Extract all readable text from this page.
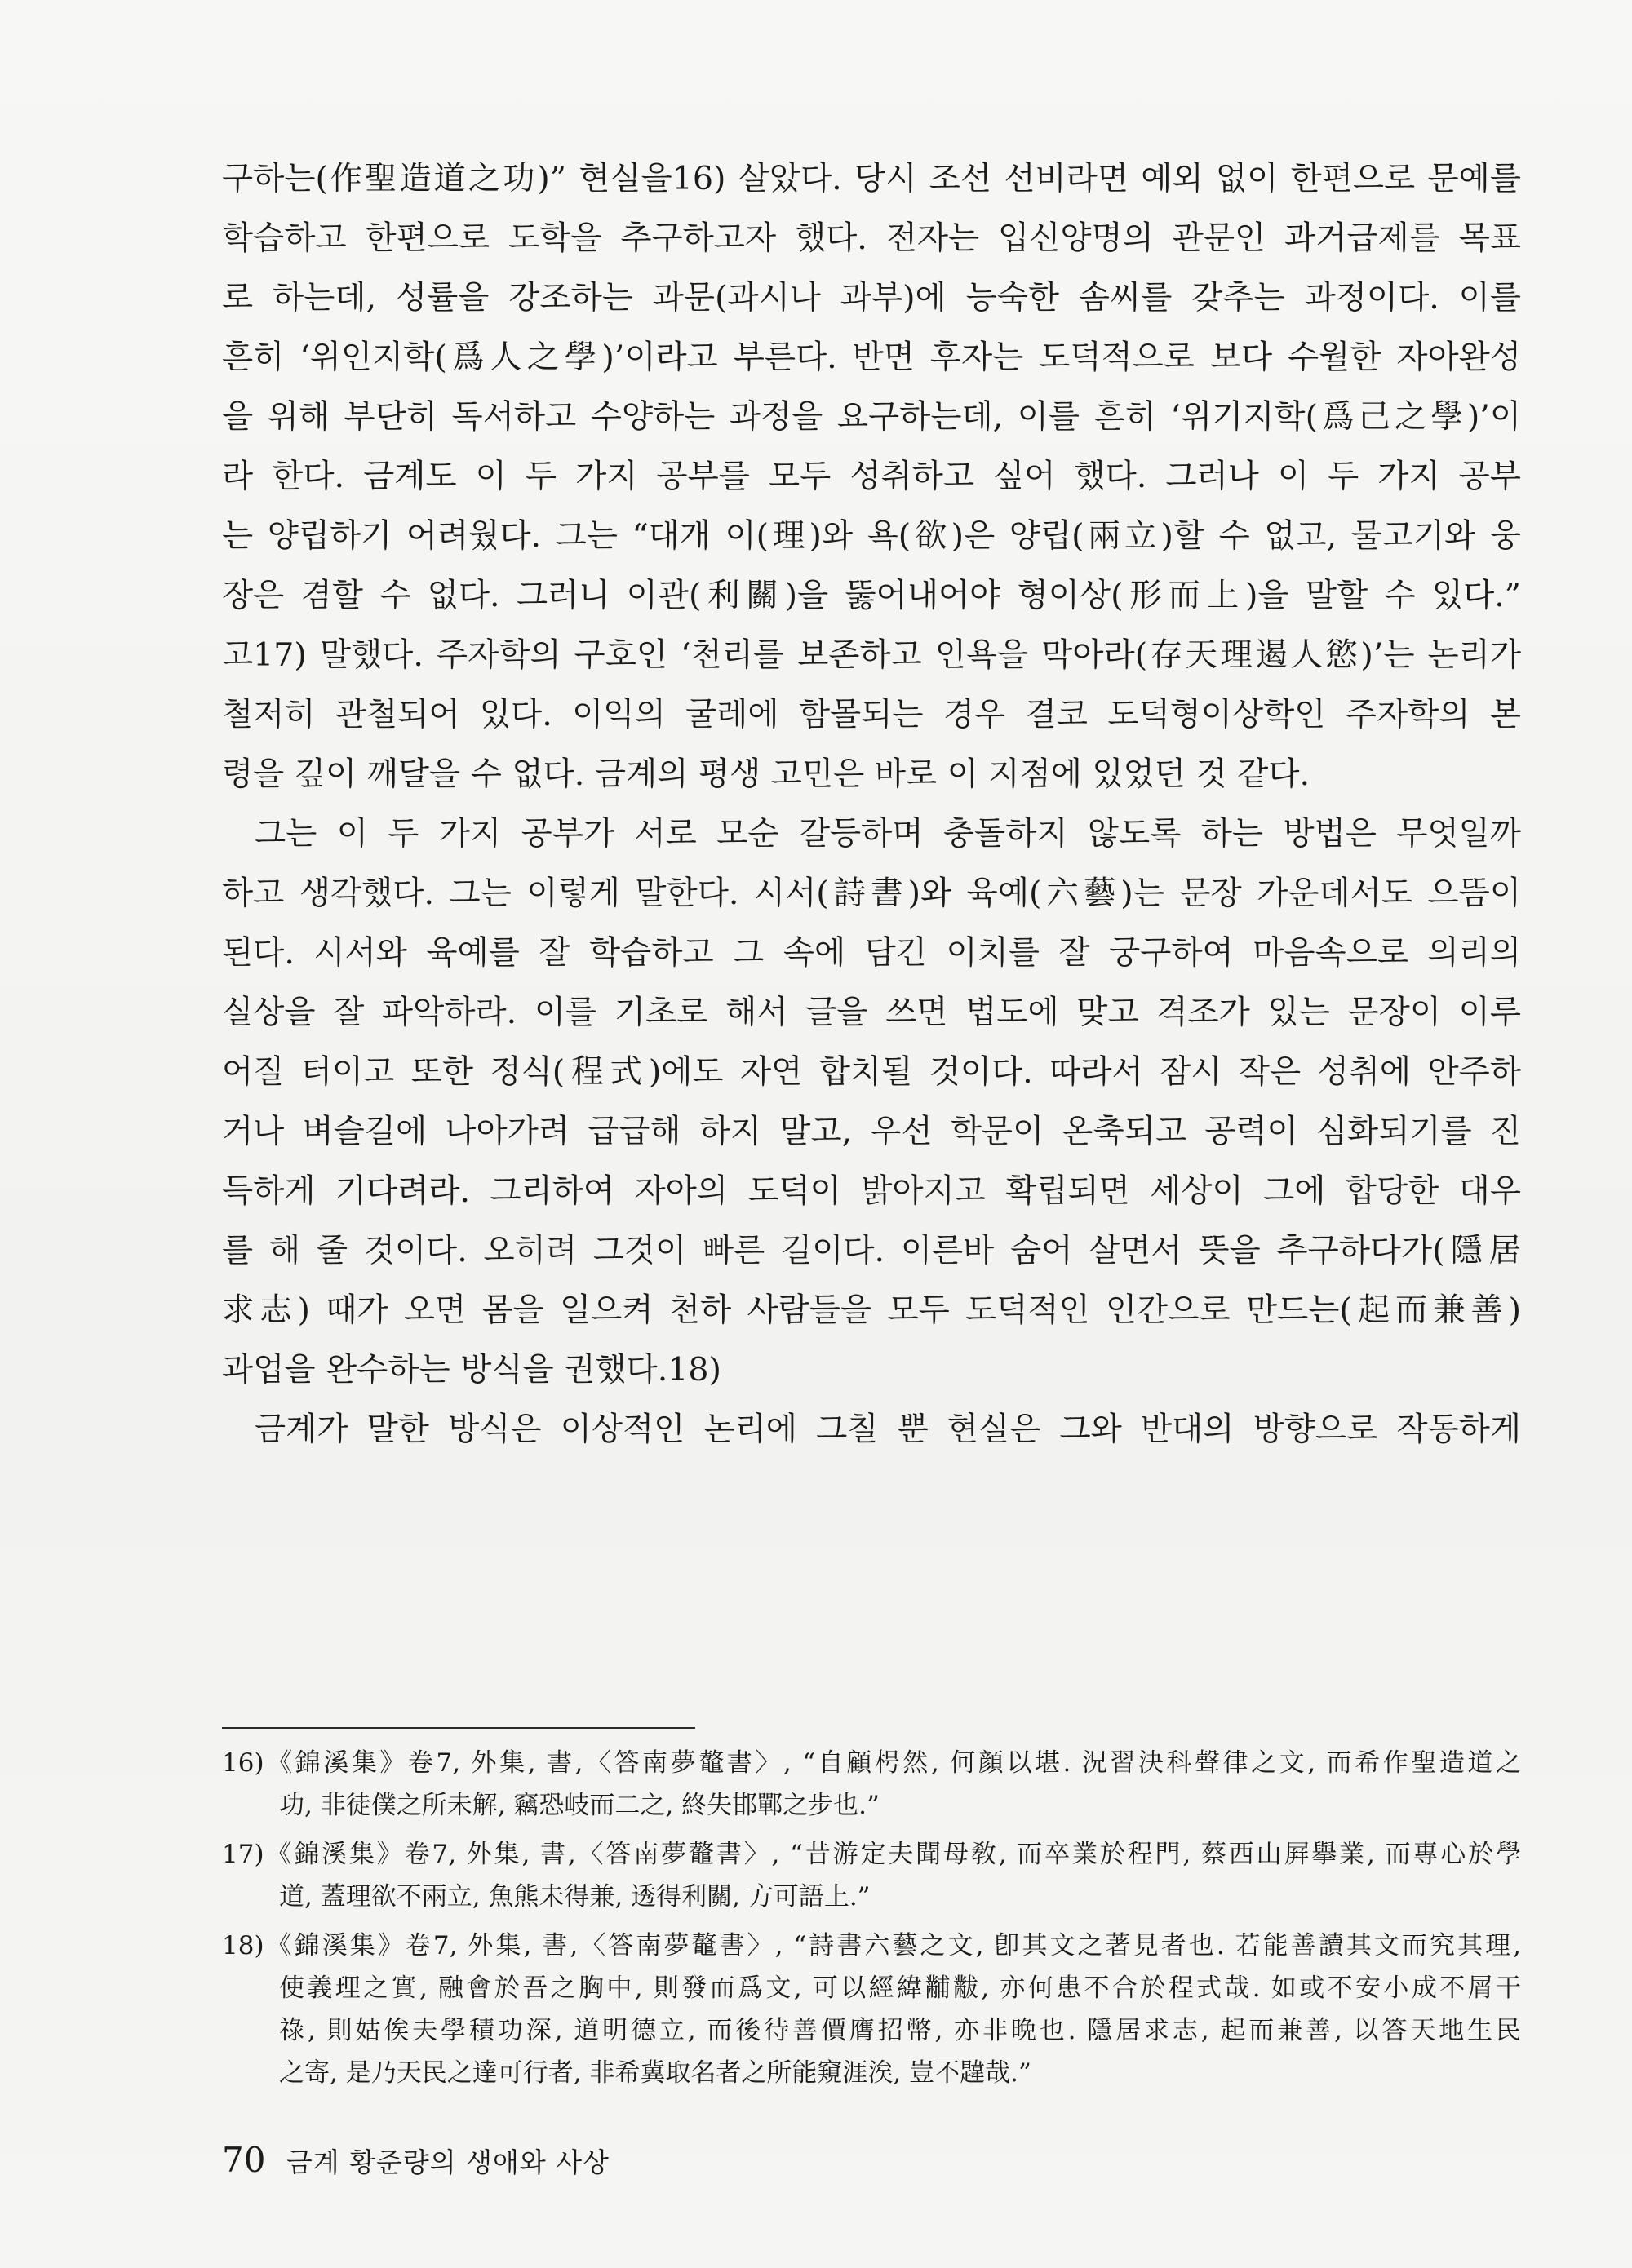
구하는(作聖造道之功)” 현실을16) 살았다. 당시 조선 선비라면 예외 없이 한편으로 문예를
학습하고 한편으로 도학을 추구하고자 했다. 전자는 입신양명의 관문인 과거급제를 목표
로 하는데, 성률을 강조하는 과문(과시나 과부)에 능숙한 솜씨를 갖추는 과정이다. 이를
흔히 ‘위인지학(爲人之學)’이라고 부른다. 반면 후자는 도덕적으로 보다 수월한 자아완성
을 위해 부단히 독서하고 수양하는 과정을 요구하는데, 이를 흔히 ‘위기지학(爲己之學)’이
라 한다. 금계도 이 두 가지 공부를 모두 성취하고 싶어 했다. 그러나 이 두 가지 공부
는 양립하기 어려웠다. 그는 “대개 이(理)와 욕(欲)은 양립(兩立)할 수 없고, 물고기와 웅
장은 겸할 수 없다. 그러니 이관(利關)을 뚫어내어야 형이상(形而上)을 말할 수 있다.”
고17) 말했다. 주자학의 구호인 ‘천리를 보존하고 인욕을 막아라(存天理遏人慾)’는 논리가
철저히 관철되어 있다. 이익의 굴레에 함몰되는 경우 결코 도덕형이상학인 주자학의 본
령을 깊이 깨달을 수 없다. 금계의 평생 고민은 바로 이 지점에 있었던 것 같다.
그는 이 두 가지 공부가 서로 모순 갈등하며 충돌하지 않도록 하는 방법은 무엇일까
하고 생각했다. 그는 이렇게 말한다. 시서(詩書)와 육예(六藝)는 문장 가운데서도 으뜸이
된다. 시서와 육예를 잘 학습하고 그 속에 담긴 이치를 잘 궁구하여 마음속으로 의리의
실상을 잘 파악하라. 이를 기초로 해서 글을 쓰면 법도에 맞고 격조가 있는 문장이 이루
어질 터이고 또한 정식(程式)에도 자연 합치될 것이다. 따라서 잠시 작은 성취에 안주하
거나 벼슬길에 나아가려 급급해 하지 말고, 우선 학문이 온축되고 공력이 심화되기를 진
득하게 기다려라. 그리하여 자아의 도덕이 밝아지고 확립되면 세상이 그에 합당한 대우
를 해 줄 것이다. 오히려 그것이 빠른 길이다. 이른바 숨어 살면서 뜻을 추구하다가(隱居
求志) 때가 오면 몸을 일으켜 천하 사람들을 모두 도덕적인 인간으로 만드는(起而兼善)
과업을 완수하는 방식을 권했다.18)
금계가 말한 방식은 이상적인 논리에 그칠 뿐 현실은 그와 반대의 방향으로 작동하게
16)《錦溪集》卷7, 外集, 書,〈答南夢鼇書〉, “自顧枵然, 何顔以堪. 況習決科聲律之文, 而希作聖造道之
功, 非徒僕之所未解, 竊恐岐而二之, 終失邯鄲之步也.”
17)《錦溪集》卷7, 外集, 書,〈答南夢鼇書〉, “昔游定夫聞母敎, 而卒業於程門, 蔡西山屛擧業, 而專心於學
道, 蓋理欲不兩立, 魚熊未得兼, 透得利關, 方可語上.”
18)《錦溪集》卷7, 外集, 書,〈答南夢鼇書〉, “詩書六藝之文, 卽其文之著見者也. 若能善讀其文而究其理,
使義理之實, 融會於吾之胸中, 則發而爲文, 可以經緯黼黻, 亦何患不合於程式哉. 如或不安小成不屑干
祿, 則姑俟夫學積功深, 道明德立, 而後待善價膺招幣, 亦非晩也. 隱居求志, 起而兼善, 以答天地生民
之寄, 是乃天民之達可行者, 非希冀取名者之所能窺涯涘, 豈不韙哉.”
70 금계 황준량의 생애와 사상
